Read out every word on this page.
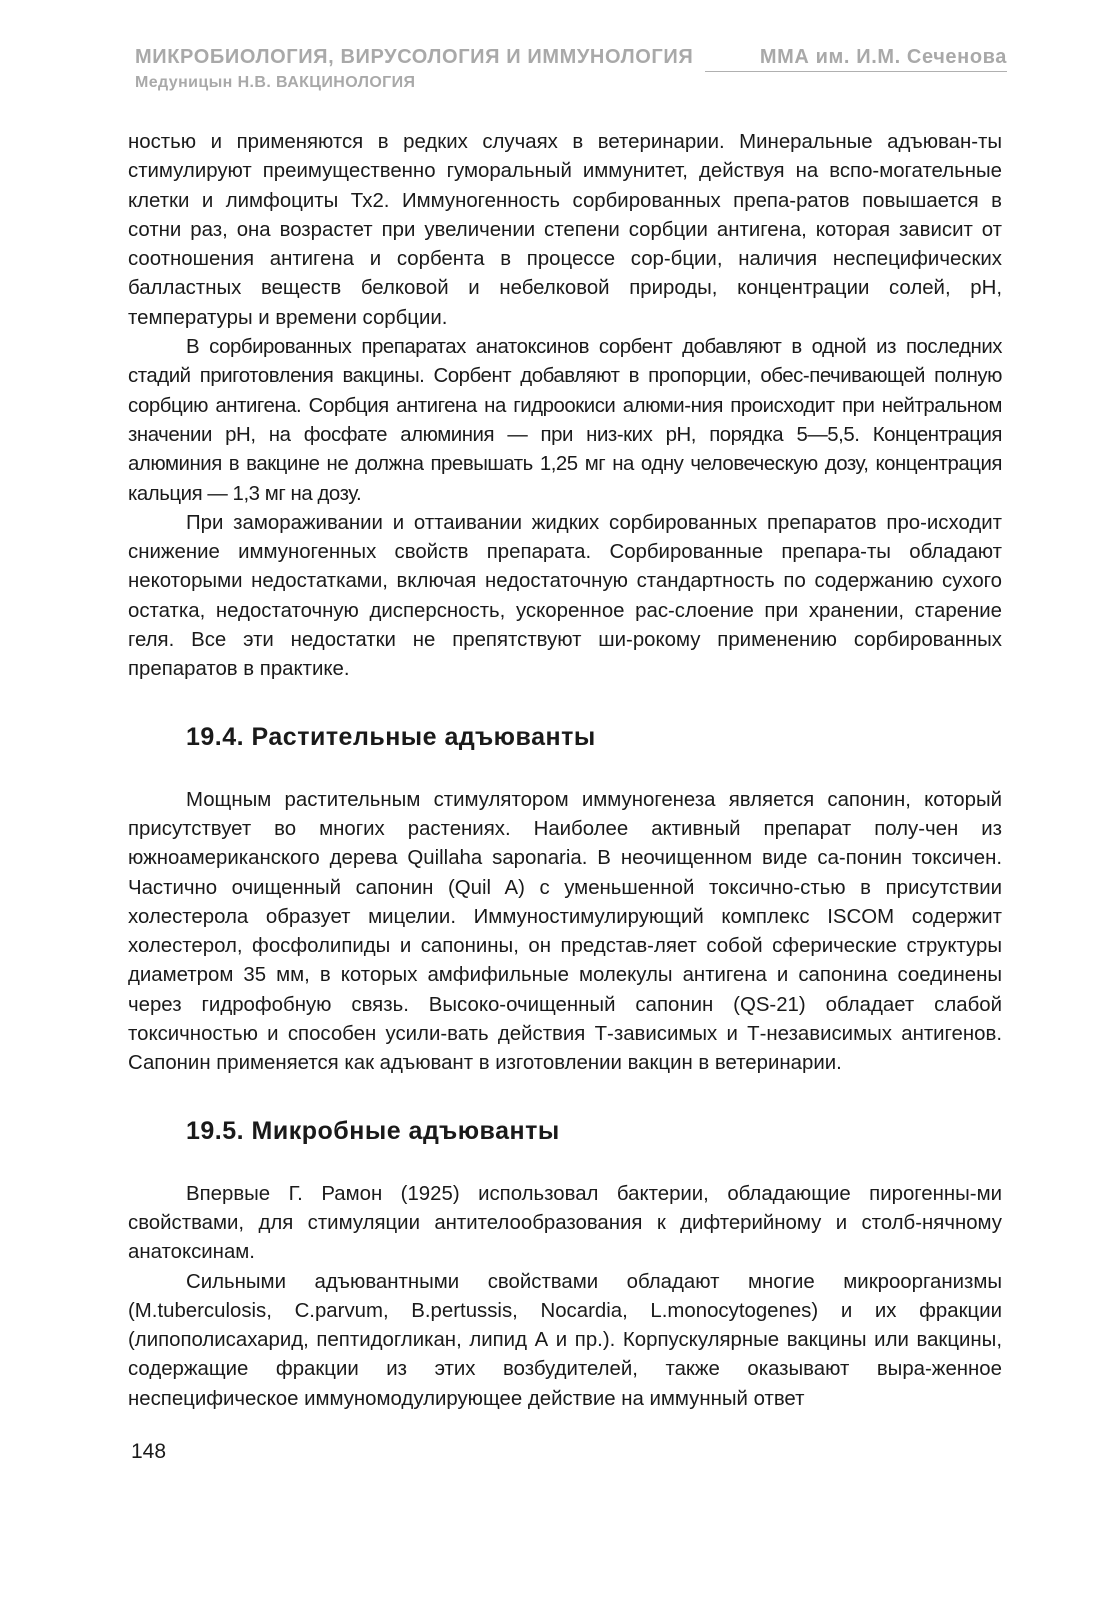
МИКРОБИОЛОГИЯ, ВИРУСОЛОГИЯ И ИММУНОЛОГИЯ	ММА им. И.М. Сеченова
Медуницын Н.В. ВАКЦИНОЛОГИЯ

ностью и применяются в редких случаях в ветеринарии. Минеральные адъюван-ты стимулируют преимущественно гуморальный иммунитет, действуя на вспо-могательные клетки и лимфоциты Тх2. Иммуногенность сорбированных препа-ратов повышается в сотни раз, она возрастет при увеличении степени сорбции антигена, которая зависит от соотношения антигена и сорбента в процессе сор-бции, наличия неспецифических балластных веществ белковой и небелковой природы, концентрации солей, pH, температуры и времени сорбции.

В сорбированных препаратах анатоксинов сорбент добавляют в одной из последних стадий приготовления вакцины. Сорбент добавляют в пропорции, обес-печивающей полную сорбцию антигена. Сорбция антигена на гидроокиси алюми-ния происходит при нейтральном значении pH, на фосфате алюминия — при низ-ких pH, порядка 5—5,5. Концентрация алюминия в вакцине не должна превышать 1,25 мг на одну человеческую дозу, концентрация кальция — 1,3 мг на дозу.

При замораживании и оттаивании жидких сорбированных препаратов про-исходит снижение иммуногенных свойств препарата. Сорбированные препара-ты обладают некоторыми недостатками, включая недостаточную стандартность по содержанию сухого остатка, недостаточную дисперсность, ускоренное рас-слоение при хранении, старение геля. Все эти недостатки не препятствуют ши-рокому применению сорбированных препаратов в практике.

19.4. Растительные адъюванты

Мощным растительным стимулятором иммуногенеза является сапонин, который присутствует во многих растениях. Наиболее активный препарат полу-чен из южноамериканского дерева Quillaha saponaria. В неочищенном виде са-понин токсичен. Частично очищенный сапонин (Quil A) с уменьшенной токсично-стью в присутствии холестерола образует мицелии. Иммуностимулирующий комплекс ISCOM содержит холестерол, фосфолипиды и сапонины, он представ-ляет собой сферические структуры диаметром 35 мм, в которых амфифильные молекулы антигена и сапонина соединены через гидрофобную связь. Высоко-очищенный сапонин (QS-21) обладает слабой токсичностью и способен усили-вать действия Т-зависимых и Т-независимых антигенов. Сапонин применяется как адъювант в изготовлении вакцин в ветеринарии.

19.5. Микробные адъюванты

Впервые Г. Рамон (1925) использовал бактерии, обладающие пирогенны-ми свойствами, для стимуляции антителообразования к дифтерийному и столб-нячному анатоксинам.

Сильными адъювантными свойствами обладают многие микроорганизмы (M.tuberculosis, C.parvum, B.pertussis, Nocardia, L.monocytogenes) и их фракции (липополисахарид, пептидогликан, липид А и пр.). Корпускулярные вакцины или вакцины, содержащие фракции из этих возбудителей, также оказывают выра-женное неспецифическое иммуномодулирующее действие на иммунный ответ

148
